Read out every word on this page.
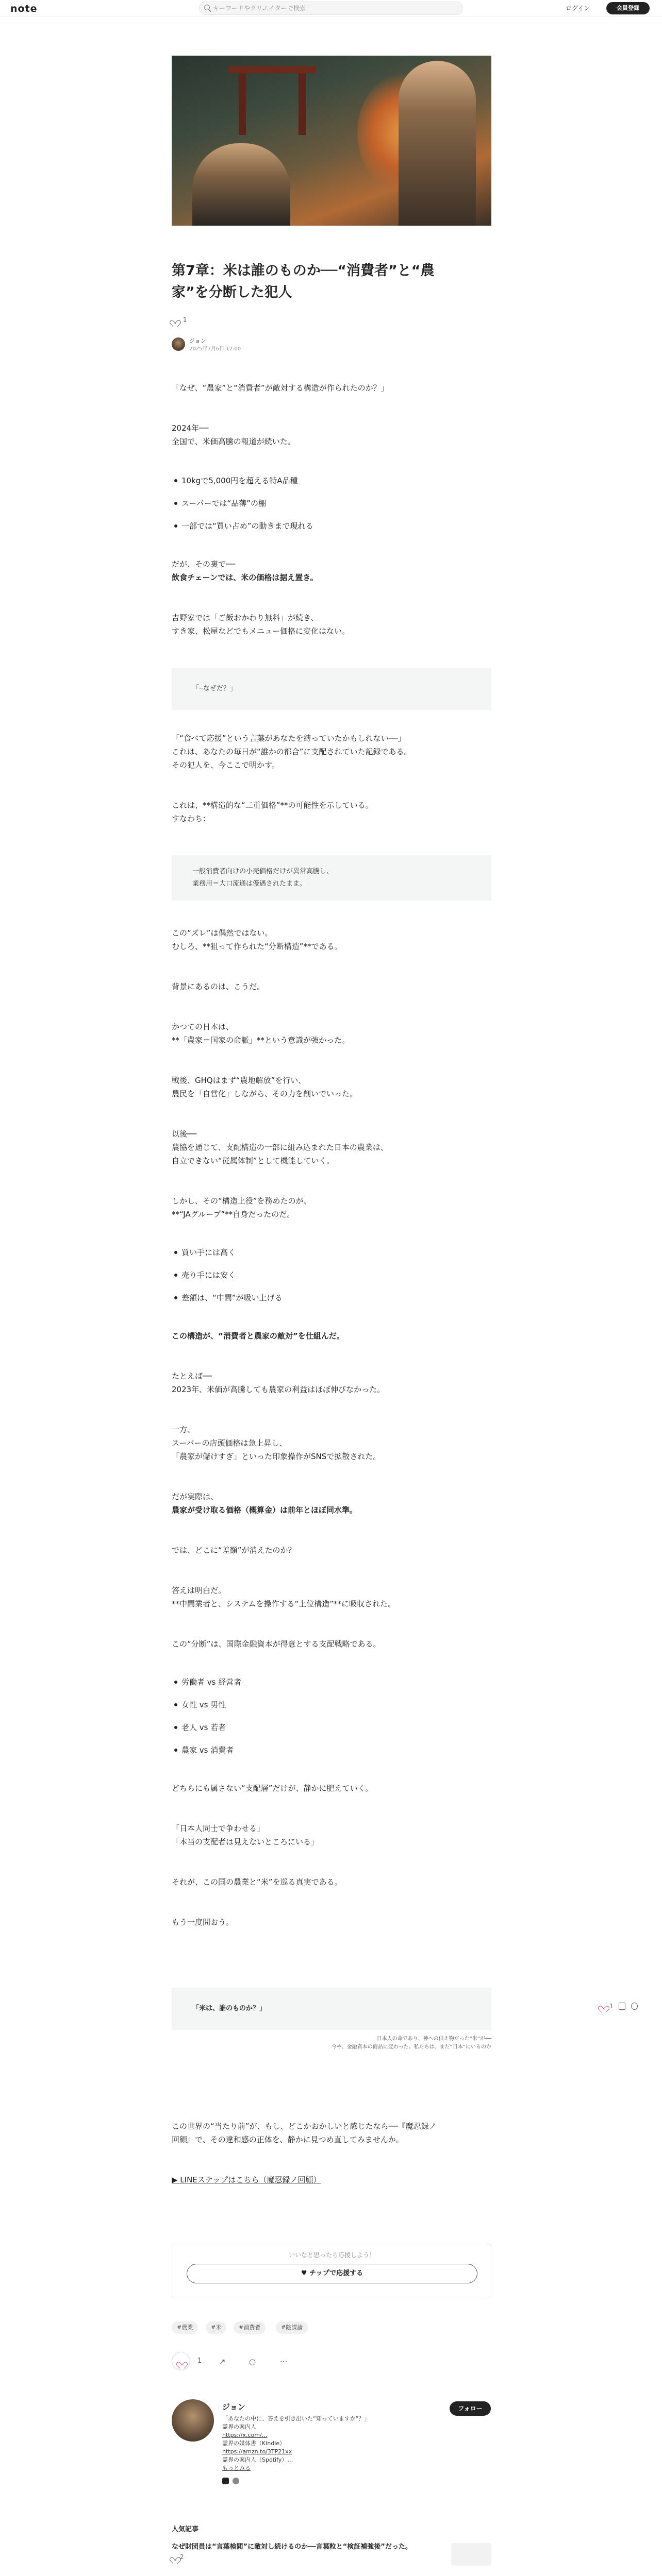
note	キーワードやクリエイターで検索	ログイン	会員登録
第7章：米は誰のものか──“消費者”と“農
家”を分断した犯人
1
ジョン
2025年7月6日 12:00
「なぜ、“農家”と“消費者”が敵対する構造が作られたのか？」
2024年──
全国で、米価高騰の報道が続いた。
10kgで5,000円を超える特A品種
スーパーでは“品薄”の棚
一部では“買い占め”の動きまで現れる
だが、その裏で──
飲食チェーンでは、米の価格は据え置き。
吉野家では「ご飯おかわり無料」が続き、
すき家、松屋などでもメニュー価格に変化はない。
「─なぜだ？」
「“食べて応援”という言葉があなたを縛っていたかもしれない──」
これは、あなたの毎日が“誰かの都合”に支配されていた記録である。
その犯人を、今ここで明かす。
これは、**構造的な“二重価格”**の可能性を示している。
すなわち：
一般消費者向けの小売価格だけが異常高騰し、
業務用＝大口流通は優遇されたまま。
この“ズレ”は偶然ではない。
むしろ、**狙って作られた“分断構造”**である。
背景にあるのは、こうだ。
かつての日本は、
**「農家＝国家の命脈」**という意識が強かった。
戦後、GHQはまず“農地解放”を行い、
農民を「自営化」しながら、その力を削いでいった。
以後──
農協を通じて、支配構造の一部に組み込まれた日本の農業は、
自立できない“従属体制”として機能していく。
しかし、その“構造上役”を務めたのが、
**“JAグループ”**自身だったのだ。
買い手には高く
売り手には安く
差額は、“中間”が吸い上げる
この構造が、“消費者と農家の敵対”を仕組んだ。
たとえば──
2023年、米価が高騰しても農家の利益はほぼ伸びなかった。
一方、
スーパーの店頭価格は急上昇し、
「農家が儲けすぎ」といった印象操作がSNSで拡散された。
だが実際は、
農家が受け取る価格（概算金）は前年とほぼ同水準。
では、どこに“差額”が消えたのか？
答えは明白だ。
**中間業者と、システムを操作する“上位構造”**に吸収された。
この“分断”は、国際金融資本が得意とする支配戦略である。
労働者 vs 経営者
女性 vs 男性
老人 vs 若者
農家 vs 消費者
どちらにも属さない“支配層”だけが、静かに肥えていく。
「日本人同士で争わせる」
「本当の支配者は見えないところにいる」
それが、この国の農業と“米”を巡る真実である。
もう一度問おう。
「米は、誰のものか？」
日本人の命であり、神への供え物だった“米”が──
今や、金融資本の商品に変わった。私たちは、まだ“日本”にいるのか
この世界の“当たり前”が、もし、どこかおかしいと感じたなら──『魔忍録ノ
回顧』で、その違和感の正体を、静かに見つめ直してみませんか。
▶ LINEステップはこちら（魔忍録ノ回顧）
1
いいなと思ったら応援しよう！
♥ チップで応援する
#農業	#米	#消費者	#陰謀論
1 ↗	○	···
ジョン	フォロー
「あなたの中に、答えを引き出いた“知っていますか”？」
霊界の案内人
https://x.com/…
霊界の媒体書（Kindle）
https://amzn.to/3TP21xx
霊界の案内人（Spotify）…
もっとみる
人気記事
なぜ財団員は“言葉検閲”に敵対し続けるのか──言葉粒と“検証補強後”だった。
2
